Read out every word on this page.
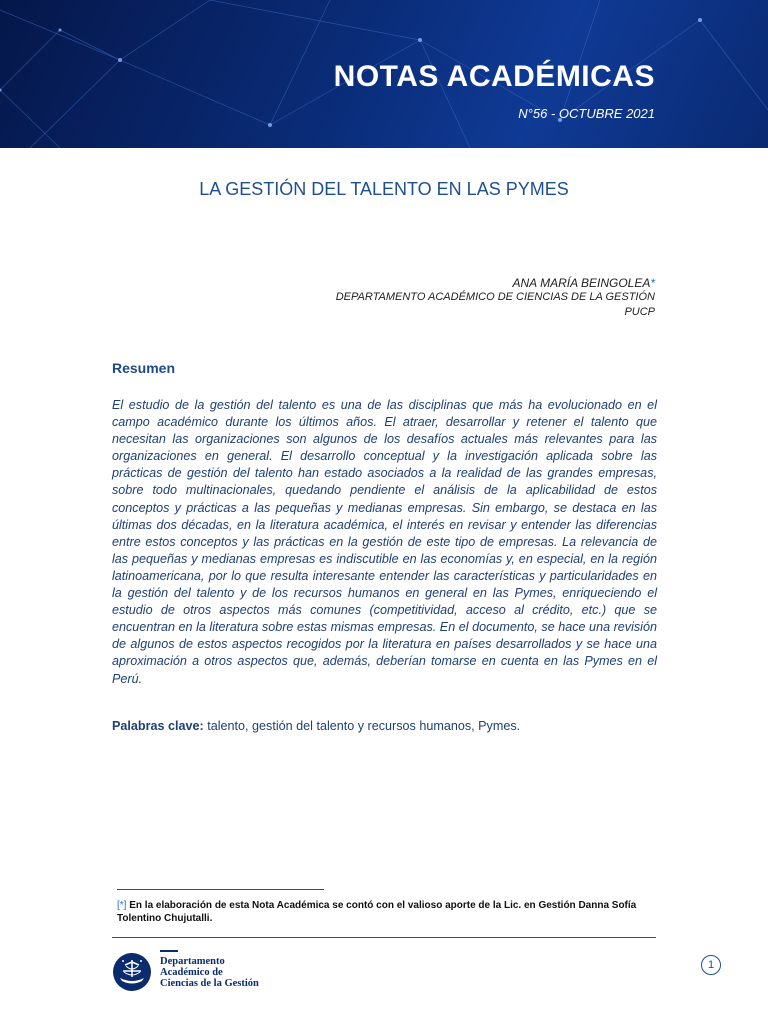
NOTAS ACADÉMICAS
N°56 - OCTUBRE 2021
LA GESTIÓN DEL TALENTO EN LAS PYMES
ANA MARÍA BEINGOLEA*
DEPARTAMENTO ACADÉMICO DE CIENCIAS DE LA GESTIÓN
PUCP
Resumen

El estudio de la gestión del talento es una de las disciplinas que más ha evolucionado en el campo académico durante los últimos años. El atraer, desarrollar y retener el talento que necesitan las organizaciones son algunos de los desafíos actuales más relevantes para las organizaciones en general. El desarrollo conceptual y la investigación aplicada sobre las prácticas de gestión del talento han estado asociados a la realidad de las grandes empresas, sobre todo multinacionales, quedando pendiente el análisis de la aplicabilidad de estos conceptos y prácticas a las pequeñas y medianas empresas. Sin embargo, se destaca en las últimas dos décadas, en la literatura académica, el interés en revisar y entender las diferencias entre estos conceptos y las prácticas en la gestión de este tipo de empresas. La relevancia de las pequeñas y medianas empresas es indiscutible en las economías y, en especial, en la región latinoamericana, por lo que resulta interesante entender las características y particularidades en la gestión del talento y de los recursos humanos en general en las Pymes, enriqueciendo el estudio de otros aspectos más comunes (competitividad, acceso al crédito, etc.) que se encuentran en la literatura sobre estas mismas empresas. En el documento, se hace una revisión de algunos de estos aspectos recogidos por la literatura en países desarrollados y se hace una aproximación a otros aspectos que, además, deberían tomarse en cuenta en las Pymes en el Perú.

Palabras clave: talento, gestión del talento y recursos humanos, Pymes.
[*] En la elaboración de esta Nota Académica se contó con el valioso aporte de la Lic. en Gestión Danna Sofía Tolentino Chujutalli.
Departamento
Académico de
Ciencias de la Gestión
1
